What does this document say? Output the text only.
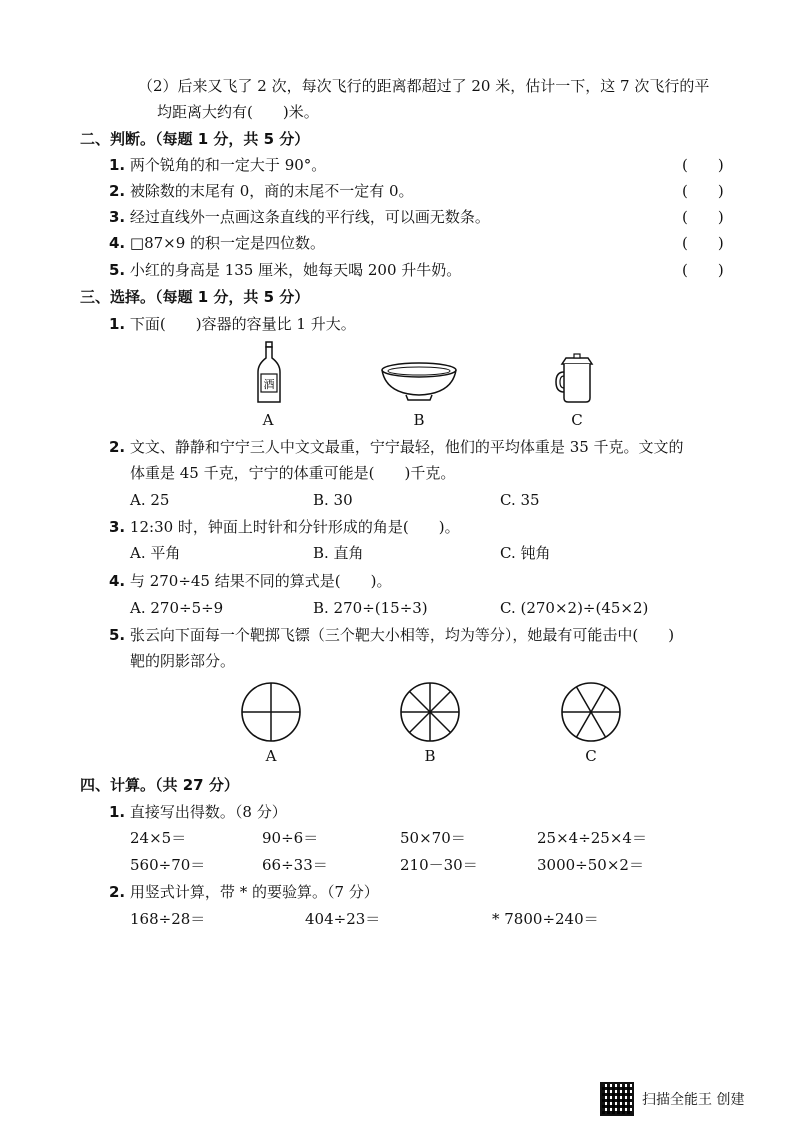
（2）后来又飞了 2 次，每次飞行的距离都超过了 20 米，估计一下，这 7 次飞行的平
均距离大约有(　　)米。
二、判断。（每题 1 分，共 5 分）
1. 两个锐角的和一定大于 90°。	(　　)
2. 被除数的末尾有 0，商的末尾不一定有 0。	(　　)
3. 经过直线外一点画这条直线的平行线，可以画无数条。	(　　)
4. □87×9 的积一定是四位数。	(　　)
5. 小红的身高是 135 厘米，她每天喝 200 升牛奶。	(　　)
三、选择。（每题 1 分，共 5 分）
1. 下面(　　)容器的容量比 1 升大。
酒
A	B	C
2. 文文、静静和宁宁三人中文文最重，宁宁最轻，他们的平均体重是 35 千克。文文的
体重是 45 千克，宁宁的体重可能是(　　)千克。
A. 25	B. 30	C. 35
3. 12:30 时，钟面上时针和分针形成的角是(　　)。
A. 平角	B. 直角	C. 钝角
4. 与 270÷45 结果不同的算式是(　　)。
A. 270÷5÷9	B. 270÷(15÷3)	C. (270×2)÷(45×2)
5. 张云向下面每一个靶掷飞镖（三个靶大小相等，均为等分），她最有可能击中(　　)
靶的阴影部分。
A	B	C
四、计算。（共 27 分）
1. 直接写出得数。（8 分）
24×5＝	90÷6＝	50×70＝	25×4÷25×4＝
560÷70＝	66÷33＝	210－30＝	3000÷50×2＝
2. 用竖式计算，带 * 的要验算。（7 分）
168÷28＝	404÷23＝	* 7800÷240＝
扫描全能王 创建
